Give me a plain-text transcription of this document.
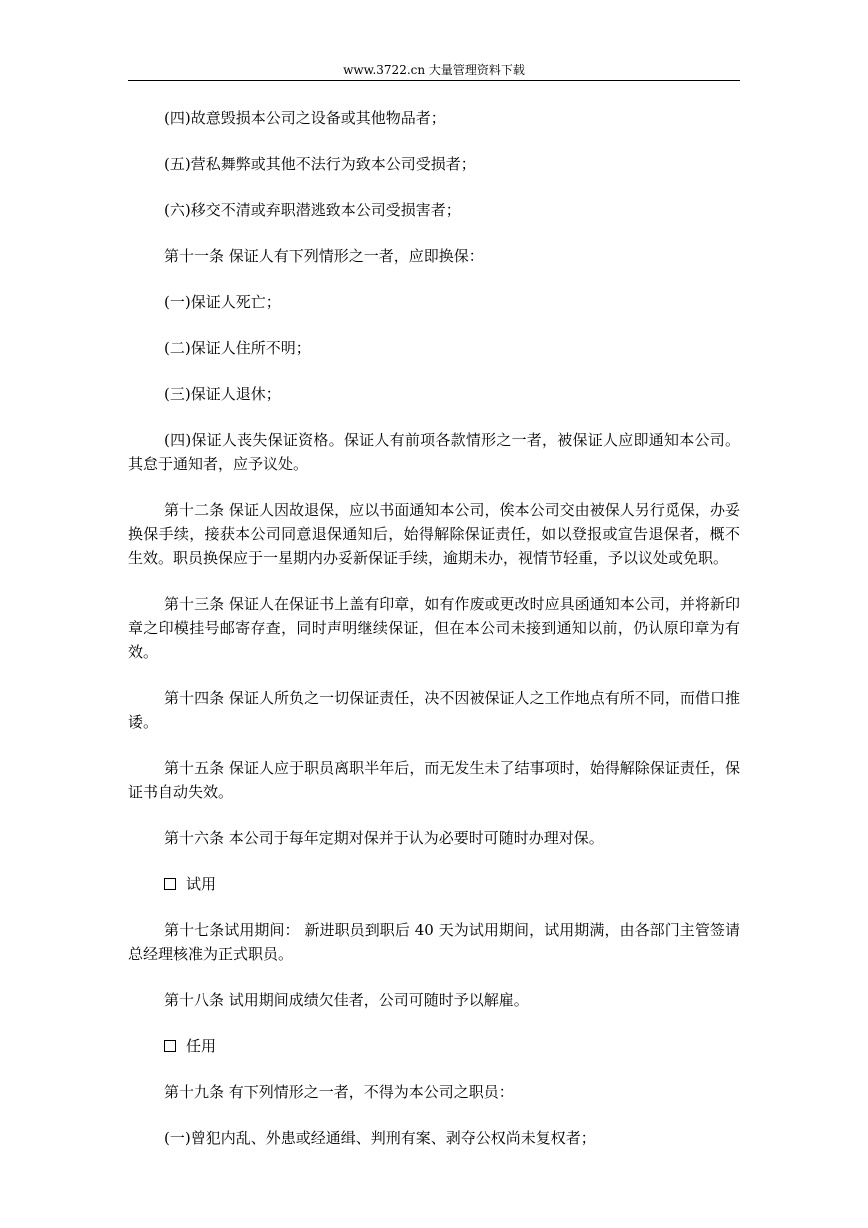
www.3722.cn 大量管理资料下载

(四)故意毁损本公司之设备或其他物品者；

(五)营私舞弊或其他不法行为致本公司受损者；

(六)移交不清或弃职潜逃致本公司受损害者；

第十一条 保证人有下列情形之一者，应即换保：

(一)保证人死亡；

(二)保证人住所不明；

(三)保证人退休；

(四)保证人丧失保证资格。保证人有前项各款情形之一者，被保证人应即通知本公司。其怠于通知者，应予议处。

第十二条 保证人因故退保，应以书面通知本公司，俟本公司交由被保人另行觅保，办妥换保手续，接获本公司同意退保通知后，始得解除保证责任，如以登报或宣告退保者，概不生效。职员换保应于一星期内办妥新保证手续，逾期未办，视情节轻重，予以议处或免职。

第十三条 保证人在保证书上盖有印章，如有作废或更改时应具函通知本公司，并将新印章之印模挂号邮寄存查，同时声明继续保证，但在本公司未接到通知以前，仍认原印章为有效。

第十四条 保证人所负之一切保证责任，决不因被保证人之工作地点有所不同，而借口推诿。

第十五条 保证人应于职员离职半年后，而无发生未了结事项时，始得解除保证责任，保证书自动失效。

第十六条 本公司于每年定期对保并于认为必要时可随时办理对保。

试用

第十七条试用期间： 新进职员到职后 40 天为试用期间，试用期满，由各部门主管签请总经理核准为正式职员。

第十八条 试用期间成绩欠佳者，公司可随时予以解雇。

任用

第十九条 有下列情形之一者，不得为本公司之职员：

(一)曾犯内乱、外患或经通缉、判刑有案、剥夺公权尚未复权者；
